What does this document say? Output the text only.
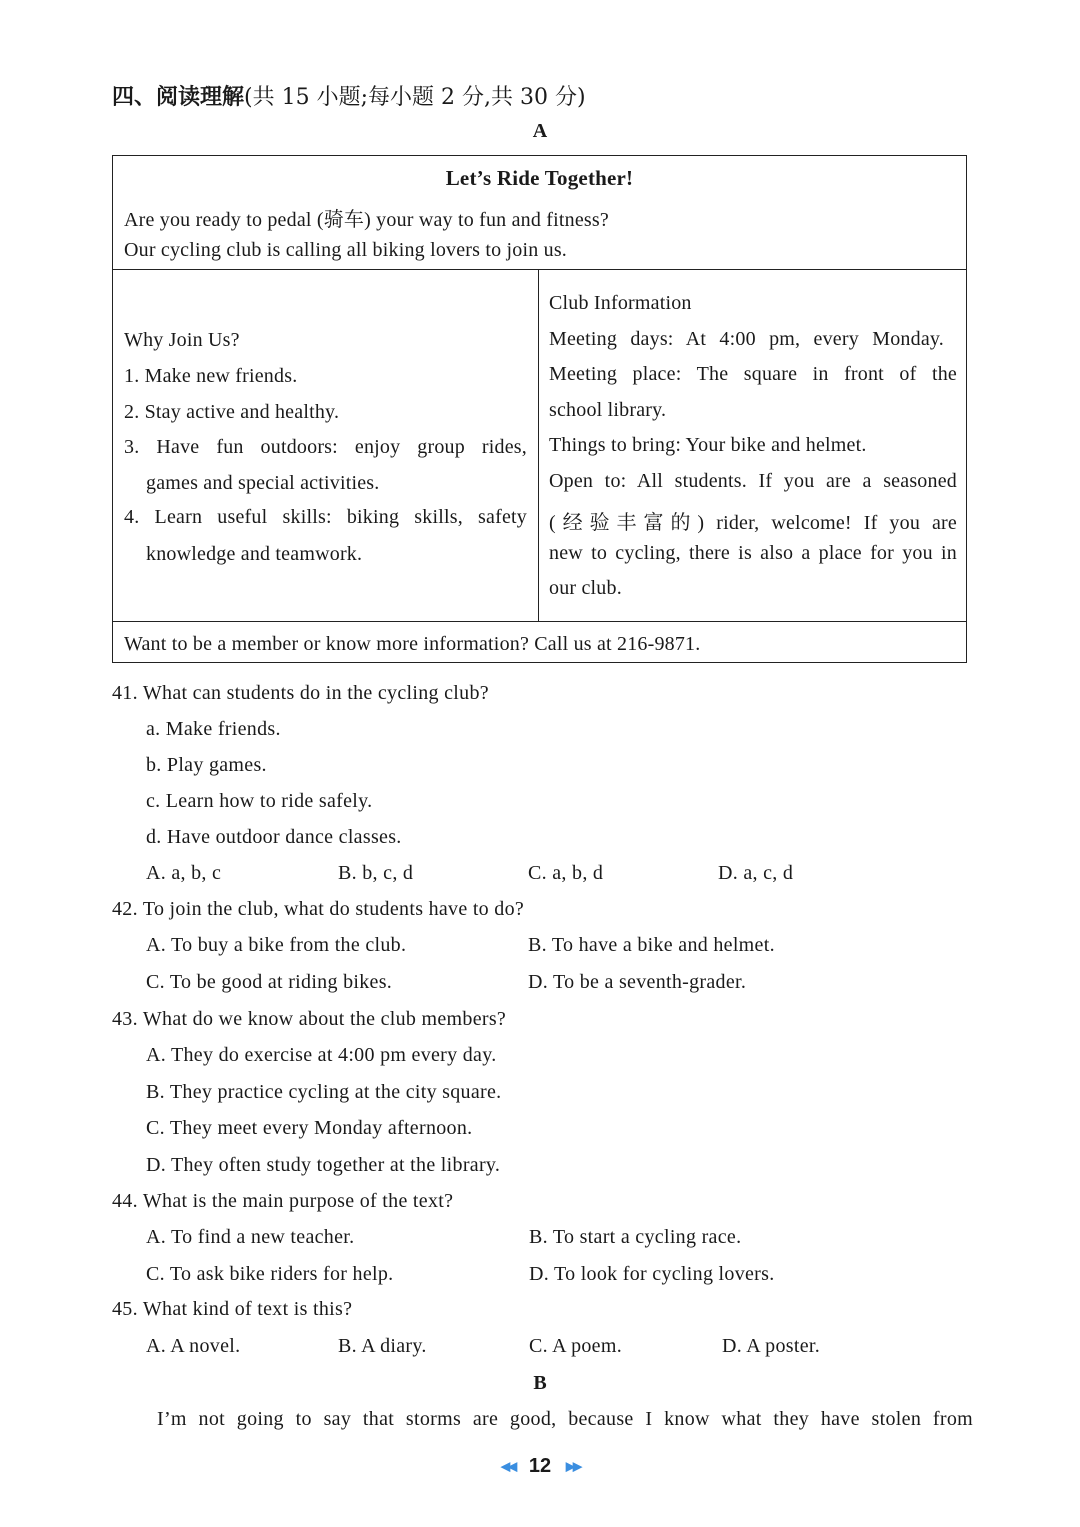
四、阅读理解(共 15 小题;每小题 2 分,共 30 分)
A
Let’s Ride Together!
Are you ready to pedal (骑车) your way to fun and fitness?
Our cycling club is calling all biking lovers to join us.
Why Join Us?
1. Make new friends.
2. Stay active and healthy.
3. Have fun outdoors: enjoy group rides,
games and special activities.
4. Learn useful skills: biking skills, safety
knowledge and teamwork.
Club Information
Meeting days: At 4:00 pm, every Monday.
Meeting place: The square in front of the
school library.
Things to bring: Your bike and helmet.
Open to: All students. If you are a seasoned
(经验丰富的) rider, welcome! If you are
new to cycling, there is also a place for you in
our club.
Want to be a member or know more information? Call us at 216-9871.
41. What can students do in the cycling club?
a. Make friends.
b. Play games.
c. Learn how to ride safely.
d. Have outdoor dance classes.
A. a, b, c	B. b, c, d	C. a, b, d	D. a, c, d
42. To join the club, what do students have to do?
A. To buy a bike from the club.	B. To have a bike and helmet.
C. To be good at riding bikes.	D. To be a seventh-grader.
43. What do we know about the club members?
A. They do exercise at 4:00 pm every day.
B. They practice cycling at the city square.
C. They meet every Monday afternoon.
D. They often study together at the library.
44. What is the main purpose of the text?
A. To find a new teacher.	B. To start a cycling race.
C. To ask bike riders for help.	D. To look for cycling lovers.
45. What kind of text is this?
A. A novel.	B. A diary.	C. A poem.	D. A poster.
B
I’m not going to say that storms are good, because I know what they have stolen from
◀◀ 12 ▶▶
